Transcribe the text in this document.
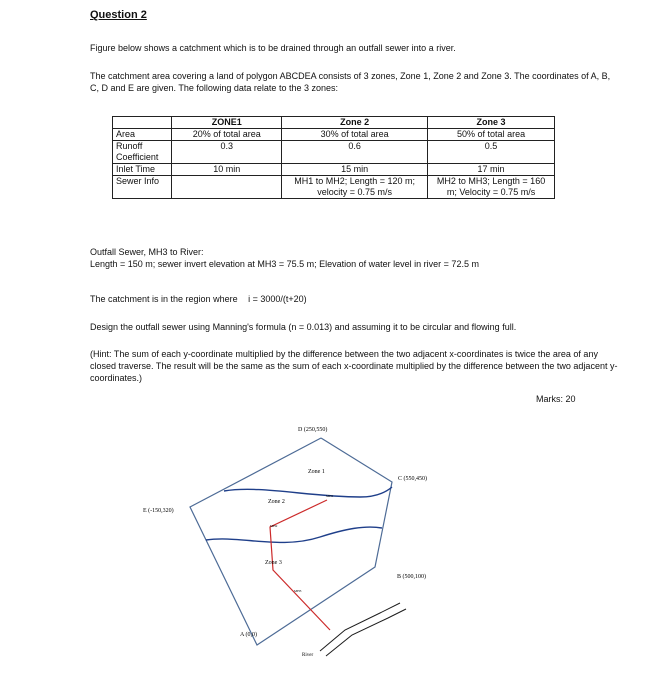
Question 2
Figure below shows a catchment which is to be drained through an outfall sewer into a river.
The catchment area covering a land of polygon ABCDEA consists of 3 zones, Zone 1, Zone 2 and Zone 3. The coordinates of A, B, C, D and E are given. The following data relate to the 3 zones:
	ZONE1	Zone 2	Zone 3
Area	20% of total area	30% of total area	50% of total area
Runoff Coefficient	0.3	0.6	0.5
Inlet Time	10 min	15 min	17 min
Sewer Info		MH1 to MH2; Length = 120 m; velocity = 0.75 m/s	MH2 to MH3; Length = 160 m; Velocity = 0.75 m/s
Outfall Sewer, MH3 to River:
Length = 150 m; sewer invert elevation at MH3 = 75.5 m; Elevation of water level in river = 72.5 m
The catchment is in the region where i = 3000/(t+20)
Design the outfall sewer using Manning's formula (n = 0.013) and assuming it to be circular and flowing full.
(Hint: The sum of each y-coordinate multiplied by the difference between the two adjacent x-coordinates is twice the area of any closed traverse. The result will be the same as the sum of each x-coordinate multiplied by the difference between the two adjacent y-coordinates.)
Marks: 20
D (250,550)
C (550,450)
E (-150,320)
B (500,100)
A (0,0)
Zone 1
Zone 2
Zone 3
MH1
MH2
MH3
River
